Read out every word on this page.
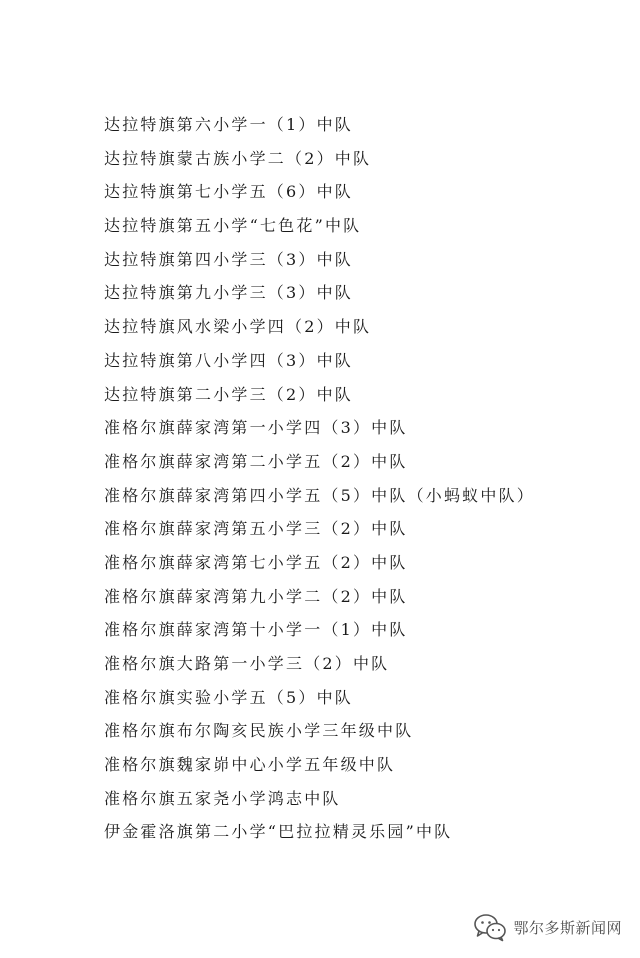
达拉特旗第六小学一（1）中队
达拉特旗蒙古族小学二（2）中队
达拉特旗第七小学五（6）中队
达拉特旗第五小学“七色花”中队
达拉特旗第四小学三（3）中队
达拉特旗第九小学三（3）中队
达拉特旗风水梁小学四（2）中队
达拉特旗第八小学四（3）中队
达拉特旗第二小学三（2）中队
准格尔旗薛家湾第一小学四（3）中队
准格尔旗薛家湾第二小学五（2）中队
准格尔旗薛家湾第四小学五（5）中队（小蚂蚁中队）
准格尔旗薛家湾第五小学三（2）中队
准格尔旗薛家湾第七小学五（2）中队
准格尔旗薛家湾第九小学二（2）中队
准格尔旗薛家湾第十小学一（1）中队
准格尔旗大路第一小学三（2）中队
准格尔旗实验小学五（5）中队
准格尔旗布尔陶亥民族小学三年级中队
准格尔旗魏家峁中心小学五年级中队
准格尔旗五家尧小学鸿志中队
伊金霍洛旗第二小学“巴拉拉精灵乐园”中队
鄂尔多斯新闻网
